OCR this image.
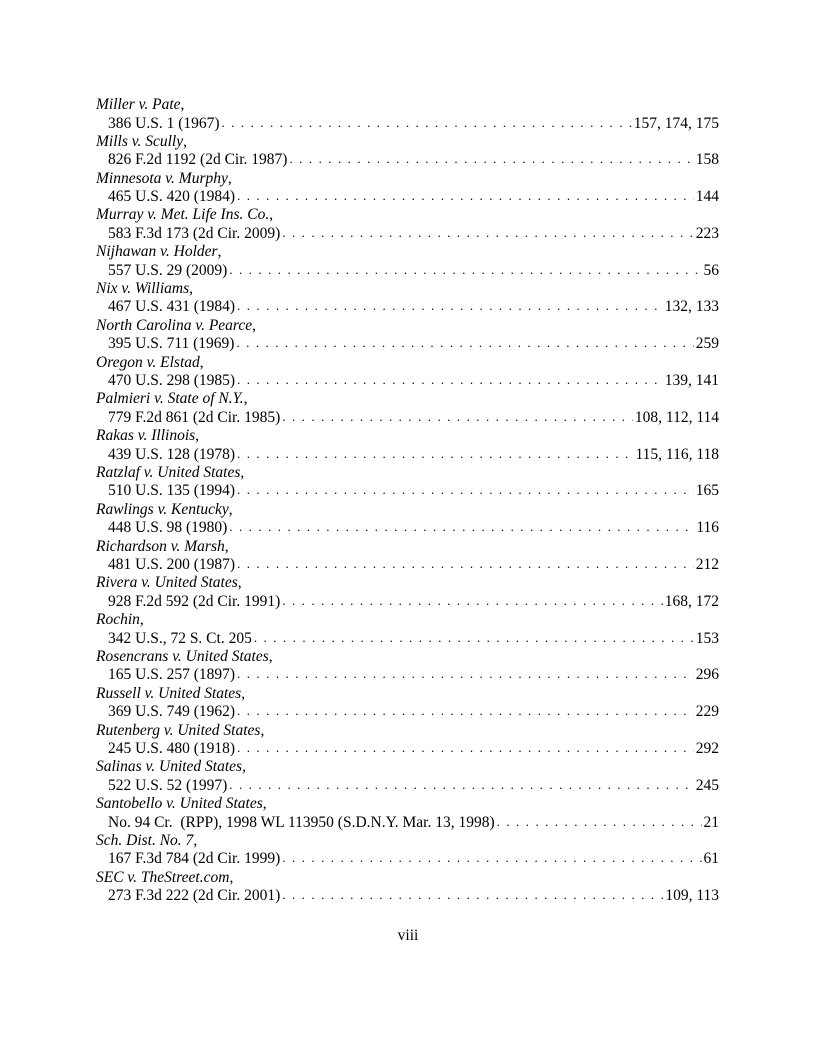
Miller v. Pate,
386 U.S. 1 (1967) . . .	157, 174, 175
Mills v. Scully,
826 F.2d 1192 (2d Cir. 1987) . . .	158
Minnesota v. Murphy,
465 U.S. 420 (1984) . . .	144
Murray v. Met. Life Ins. Co.,
583 F.3d 173 (2d Cir. 2009) . . .	223
Nijhawan v. Holder,
557 U.S. 29 (2009) . . .	56
Nix v. Williams,
467 U.S. 431 (1984) . . .	132, 133
North Carolina v. Pearce,
395 U.S. 711 (1969) . . .	259
Oregon v. Elstad,
470 U.S. 298 (1985) . . .	139, 141
Palmieri v. State of N.Y.,
779 F.2d 861 (2d Cir. 1985) . . .	108, 112, 114
Rakas v. Illinois,
439 U.S. 128 (1978) . . .	115, 116, 118
Ratzlaf v. United States,
510 U.S. 135 (1994) . . .	165
Rawlings v. Kentucky,
448 U.S. 98 (1980) . . .	116
Richardson v. Marsh,
481 U.S. 200 (1987) . . .	212
Rivera v. United States,
928 F.2d 592 (2d Cir. 1991) . . .	168, 172
Rochin,
342 U.S., 72 S. Ct. 205 . . .	153
Rosencrans v. United States,
165 U.S. 257 (1897) . . .	296
Russell v. United States,
369 U.S. 749 (1962) . . .	229
Rutenberg v. United States,
245 U.S. 480 (1918) . . .	292
Salinas v. United States,
522 U.S. 52 (1997) . . .	245
Santobello v. United States,
No. 94 Cr.  (RPP), 1998 WL 113950 (S.D.N.Y. Mar. 13, 1998) . . .	21
Sch. Dist. No. 7,
167 F.3d 784 (2d Cir. 1999) . . .	61
SEC v. TheStreet.com,
273 F.3d 222 (2d Cir. 2001) . . .	109, 113
viii
